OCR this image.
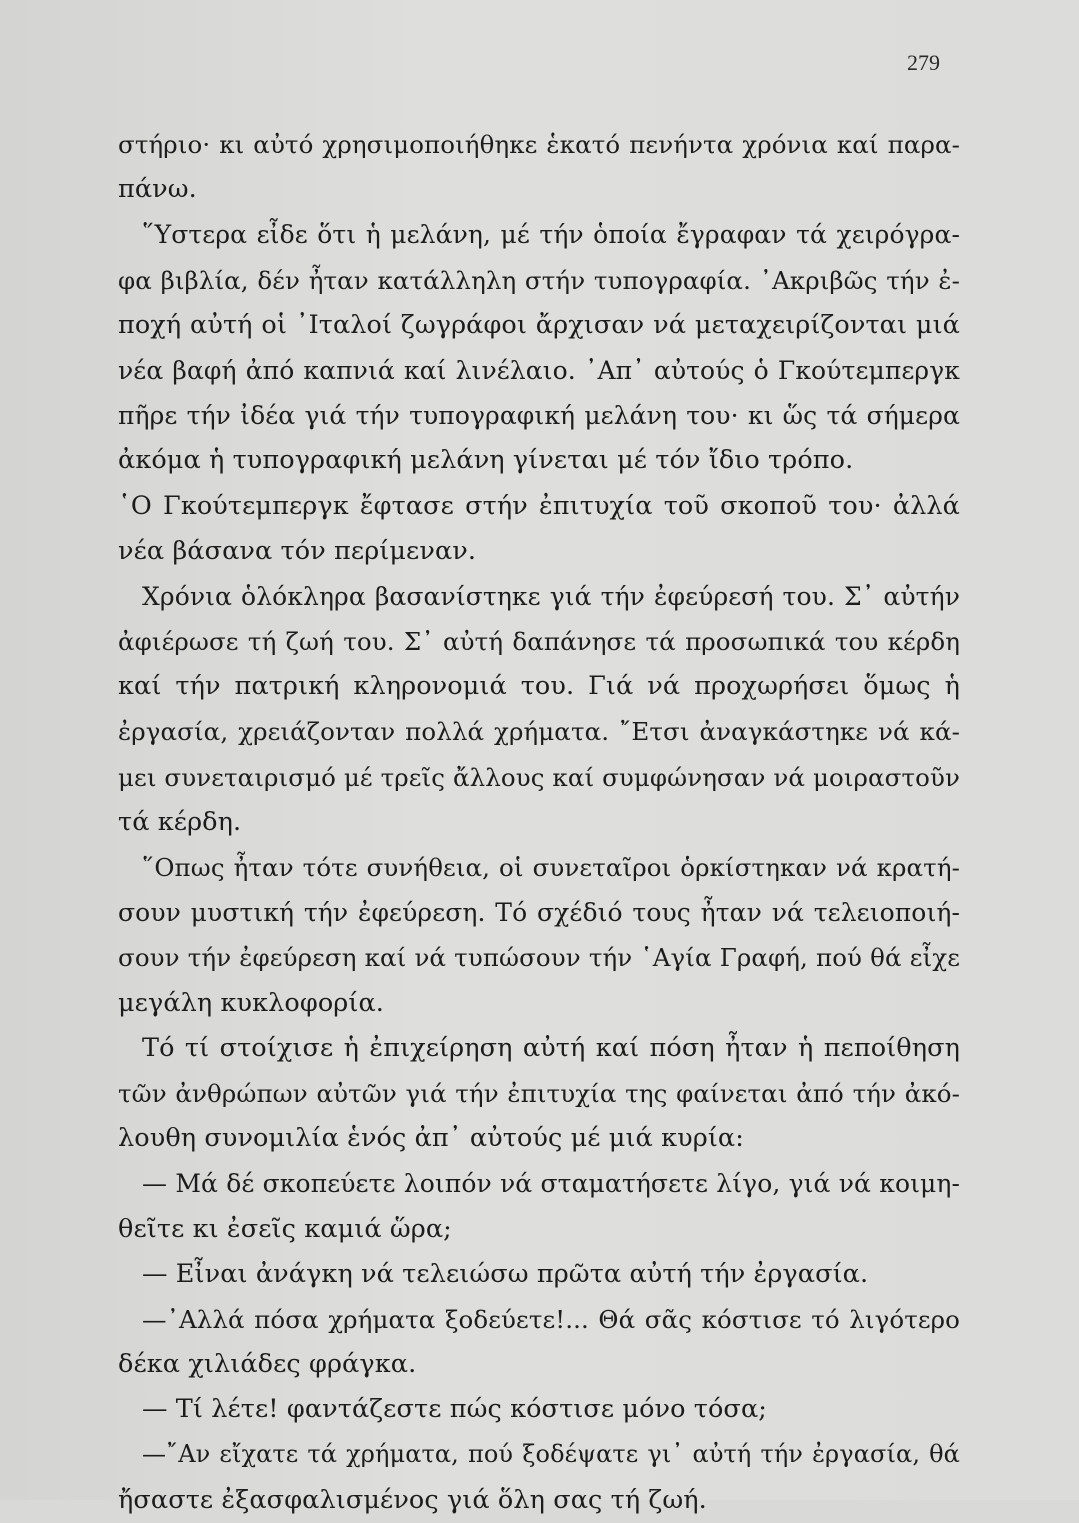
279
στήριο· κι αὐτό χρησιμοποιήθηκε ἑκατό πενήντα χρόνια καί παρα-
πάνω.
῞Υστερα εἶδε ὅτι ἡ μελάνη, μέ τήν ὁποία ἔγραφαν τά χειρόγρα-
φα βιβλία, δέν ἦταν κατάλληλη στήν τυπογραφία. ᾿Ακριβῶς τήν ἐ-
ποχή αὐτή οἱ ᾿Ιταλοί ζωγράφοι ἄρχισαν νά μεταχειρίζονται μιά
νέα βαφή ἀπό καπνιά καί λινέλαιο. ᾿Απ᾿ αὐτούς ὁ Γκούτεμπεργκ
πῆρε τήν ἰδέα γιά τήν τυπογραφική μελάνη του· κι ὥς τά σήμερα
ἀκόμα ἡ τυπογραφική μελάνη γίνεται μέ τόν ἴδιο τρόπο.
῾Ο Γκούτεμπεργκ ἔφτασε στήν ἐπιτυχία τοῦ σκοποῦ του· ἀλλά
νέα βάσανα τόν περίμεναν.
Χρόνια ὁλόκληρα βασανίστηκε γιά τήν ἐφεύρεσή του. Σ᾿ αὐτήν
ἀφιέρωσε τή ζωή του. Σ᾿ αὐτή δαπάνησε τά προσωπικά του κέρδη
καί τήν πατρική κληρονομιά του. Γιά νά προχωρήσει ὅμως ἡ
ἐργασία, χρειάζονταν πολλά χρήματα. ῎Ετσι ἀναγκάστηκε νά κά-
μει συνεταιρισμό μέ τρεῖς ἄλλους καί συμφώνησαν νά μοιραστοῦν
τά κέρδη.
῞Οπως ἦταν τότε συνήθεια, οἱ συνεταῖροι ὁρκίστηκαν νά κρατή-
σουν μυστική τήν ἐφεύρεση. Τό σχέδιό τους ἦταν νά τελειοποιή-
σουν τήν ἐφεύρεση καί νά τυπώσουν τήν ῾Αγία Γραφή, πού θά εἶχε
μεγάλη κυκλοφορία.
Τό τί στοίχισε ἡ ἐπιχείρηση αὐτή καί πόση ἦταν ἡ πεποίθηση
τῶν ἀνθρώπων αὐτῶν γιά τήν ἐπιτυχία της φαίνεται ἀπό τήν ἀκό-
λουθη συνομιλία ἑνός ἀπ᾿ αὐτούς μέ μιά κυρία:
— Μά δέ σκοπεύετε λοιπόν νά σταματήσετε λίγο, γιά νά κοιμη-
θεῖτε κι ἐσεῖς καμιά ὥρα;
— Εἶναι ἀνάγκη νά τελειώσω πρῶτα αὐτή τήν ἐργασία.
—᾿Αλλά πόσα χρήματα ξοδεύετε!... Θά σᾶς κόστισε τό λιγότερο
δέκα χιλιάδες φράγκα.
— Τί λέτε! φαντάζεστε πώς κόστισε μόνο τόσα;
—῎Αν εἴχατε τά χρήματα, πού ξοδέψατε γι᾿ αὐτή τήν ἐργασία, θά
ἤσαστε ἐξασφαλισμένος γιά ὅλη σας τή ζωή.
